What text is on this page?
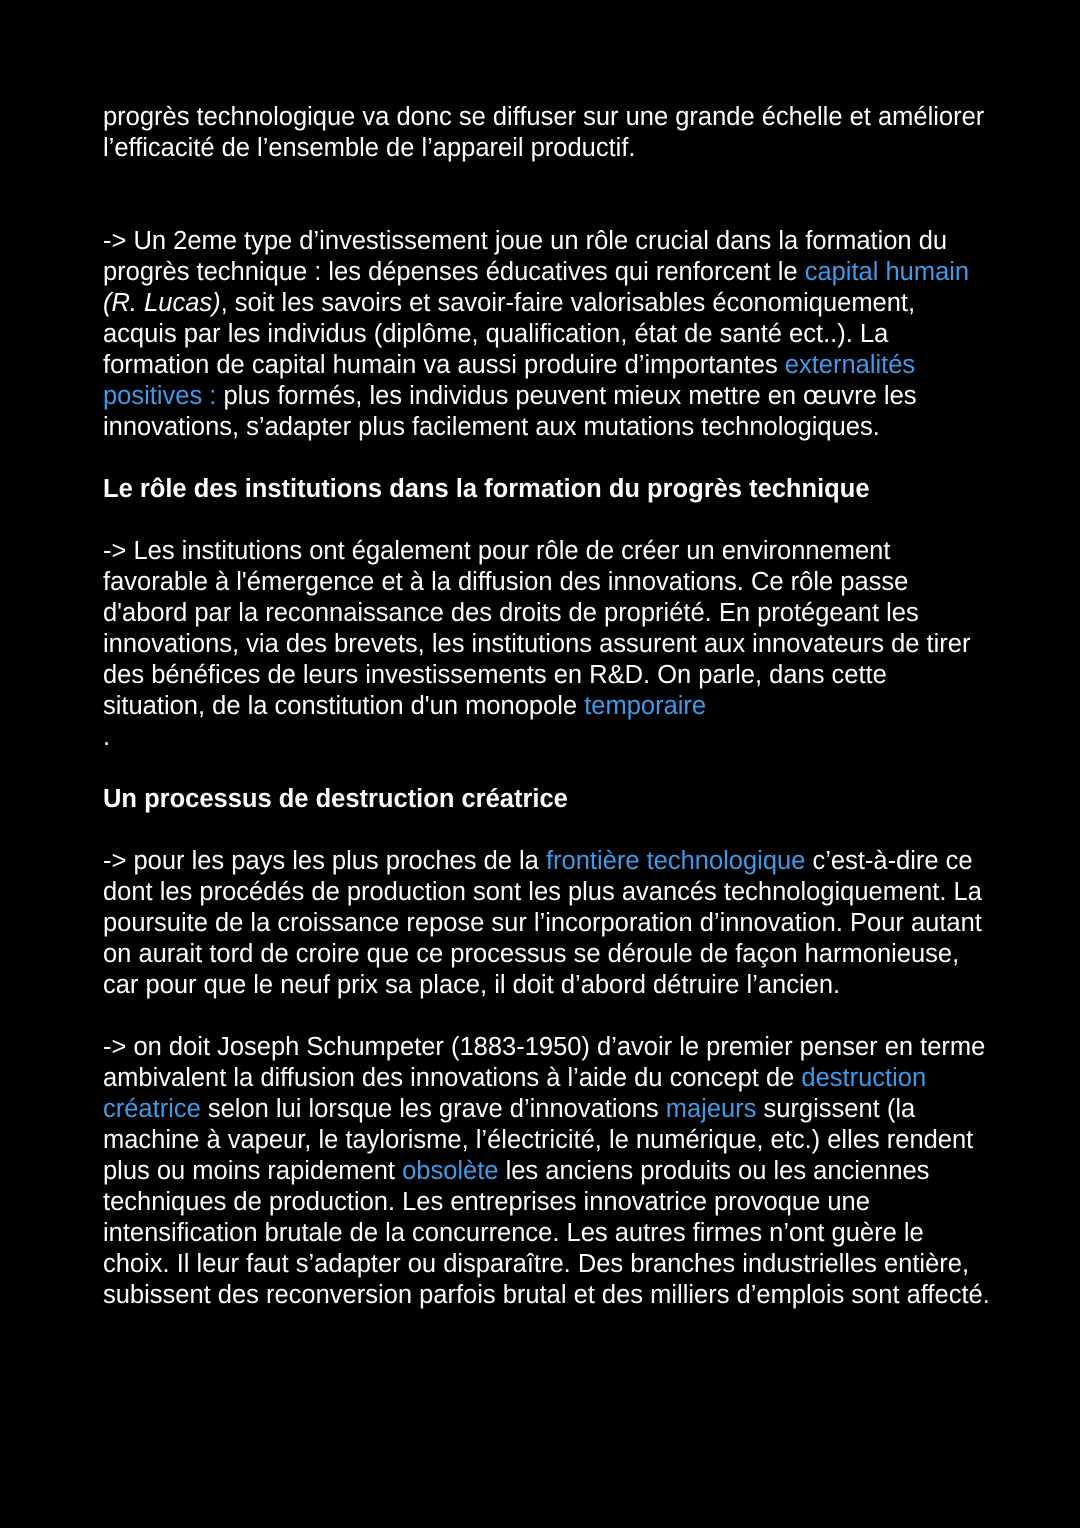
progrès technologique va donc se diffuser sur une grande échelle et améliorer l’efficacité de l’ensemble de l’appareil productif.

-> Un 2eme type d’investissement joue un rôle crucial dans la formation du progrès technique : les dépenses éducatives qui renforcent le capital humain (R. Lucas), soit les savoirs et savoir-faire valorisables économiquement, acquis par les individus (diplôme, qualification, état de santé ect..). La formation de capital humain va aussi produire d’importantes externalités positives : plus formés, les individus peuvent mieux mettre en œuvre les innovations, s’adapter plus facilement aux mutations technologiques.

Le rôle des institutions dans la formation du progrès technique

-> Les institutions ont également pour rôle de créer un environnement favorable à l'émergence et à la diffusion des innovations. Ce rôle passe d'abord par la reconnaissance des droits de propriété. En protégeant les innovations, via des brevets, les institutions assurent aux innovateurs de tirer des bénéfices de leurs investissements en R&D. On parle, dans cette situation, de la constitution d'un monopole temporaire
.

Un processus de destruction créatrice

-> pour les pays les plus proches de la frontière technologique c’est-à-dire ce dont les procédés de production sont les plus avancés technologiquement. La poursuite de la croissance repose sur l’incorporation d’innovation. Pour autant on aurait tord de croire que ce processus se déroule de façon harmonieuse, car pour que le neuf prix sa place, il doit d’abord détruire l’ancien.

-> on doit Joseph Schumpeter (1883-1950) d’avoir le premier penser en terme ambivalent la diffusion des innovations à l’aide du concept de destruction créatrice selon lui lorsque les grave d’innovations majeurs surgissent (la machine à vapeur, le taylorisme, l’électricité, le numérique, etc.) elles rendent plus ou moins rapidement obsolète les anciens produits ou les anciennes techniques de production. Les entreprises innovatrice provoque une intensification brutale de la concurrence. Les autres firmes n’ont guère le choix. Il leur faut s’adapter ou disparaître. Des branches industrielles entière, subissent des reconversion parfois brutal et des milliers d’emplois sont affecté.
